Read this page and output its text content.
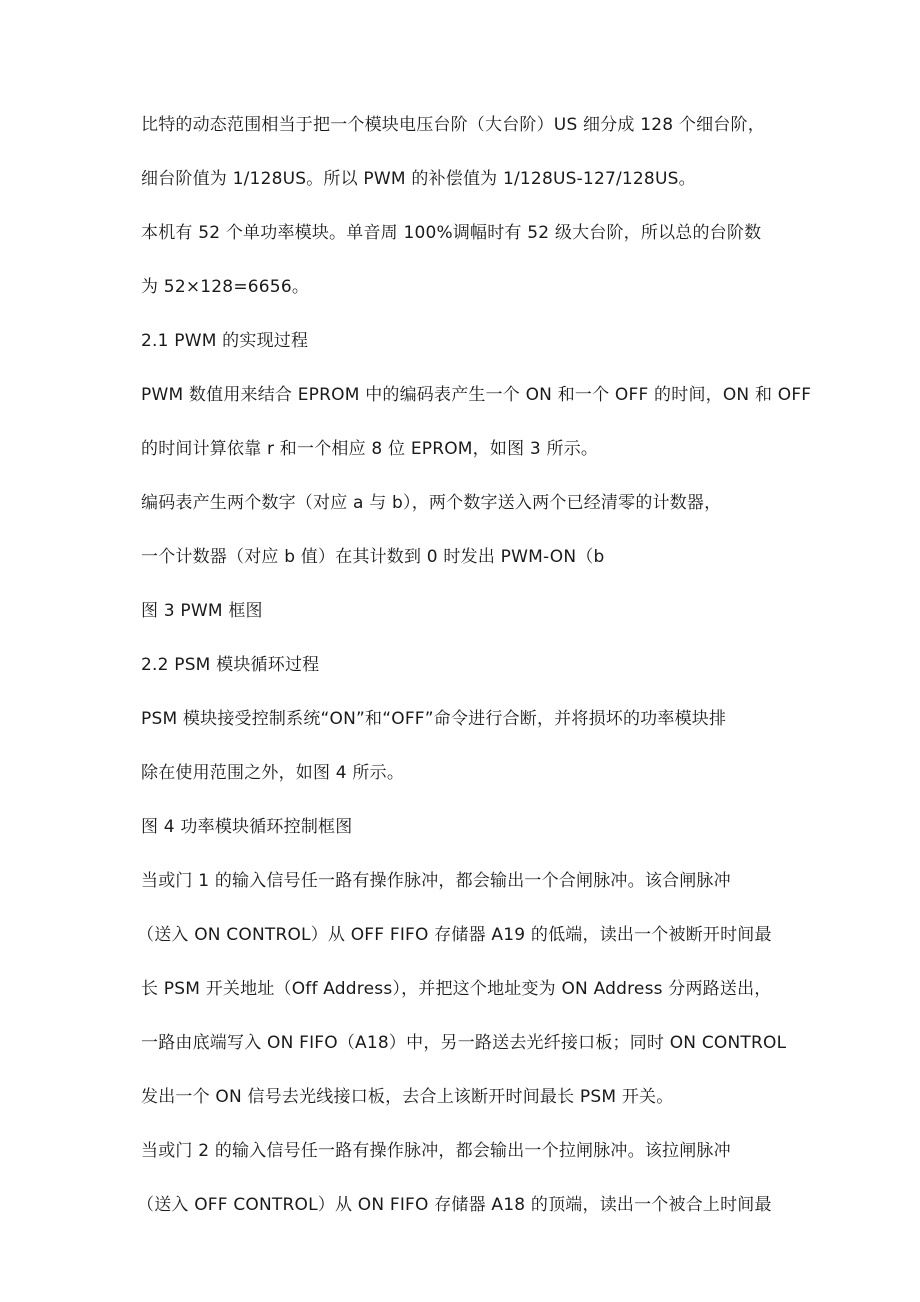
比特的动态范围相当于把一个模块电压台阶（大台阶）US 细分成 128 个细台阶，
细台阶值为 1/128US。所以 PWM 的补偿值为 1/128US-127/128US。
本机有 52 个单功率模块。单音周 100%调幅时有 52 级大台阶，所以总的台阶数
为 52×128=6656。
2.1 PWM 的实现过程
PWM 数值用来结合 EPROM 中的编码表产生一个 ON 和一个 OFF 的时间，ON 和 OFF
的时间计算依靠 r 和一个相应 8 位 EPROM，如图 3 所示。
编码表产生两个数字（对应 a 与 b），两个数字送入两个已经清零的计数器，
一个计数器（对应 b 值）在其计数到 0 时发出 PWM-ON（b
图 3 PWM 框图
2.2 PSM 模块循环过程
PSM 模块接受控制系统“ON”和“OFF”命令进行合断，并将损坏的功率模块排
除在使用范围之外，如图 4 所示。
图 4 功率模块循环控制框图
当或门 1 的输入信号任一路有操作脉冲，都会输出一个合闸脉冲。该合闸脉冲
（送入 ON CONTROL）从 OFF FIFO 存储器 A19 的低端，读出一个被断开时间最
长 PSM 开关地址（Off Address），并把这个地址变为 ON Address 分两路送出，
一路由底端写入 ON FIFO（A18）中，另一路送去光纤接口板；同时 ON CONTROL
发出一个 ON 信号去光线接口板，去合上该断开时间最长 PSM 开关。
当或门 2 的输入信号任一路有操作脉冲，都会输出一个拉闸脉冲。该拉闸脉冲
（送入 OFF CONTROL）从 ON FIFO 存储器 A18 的顶端，读出一个被合上时间最
